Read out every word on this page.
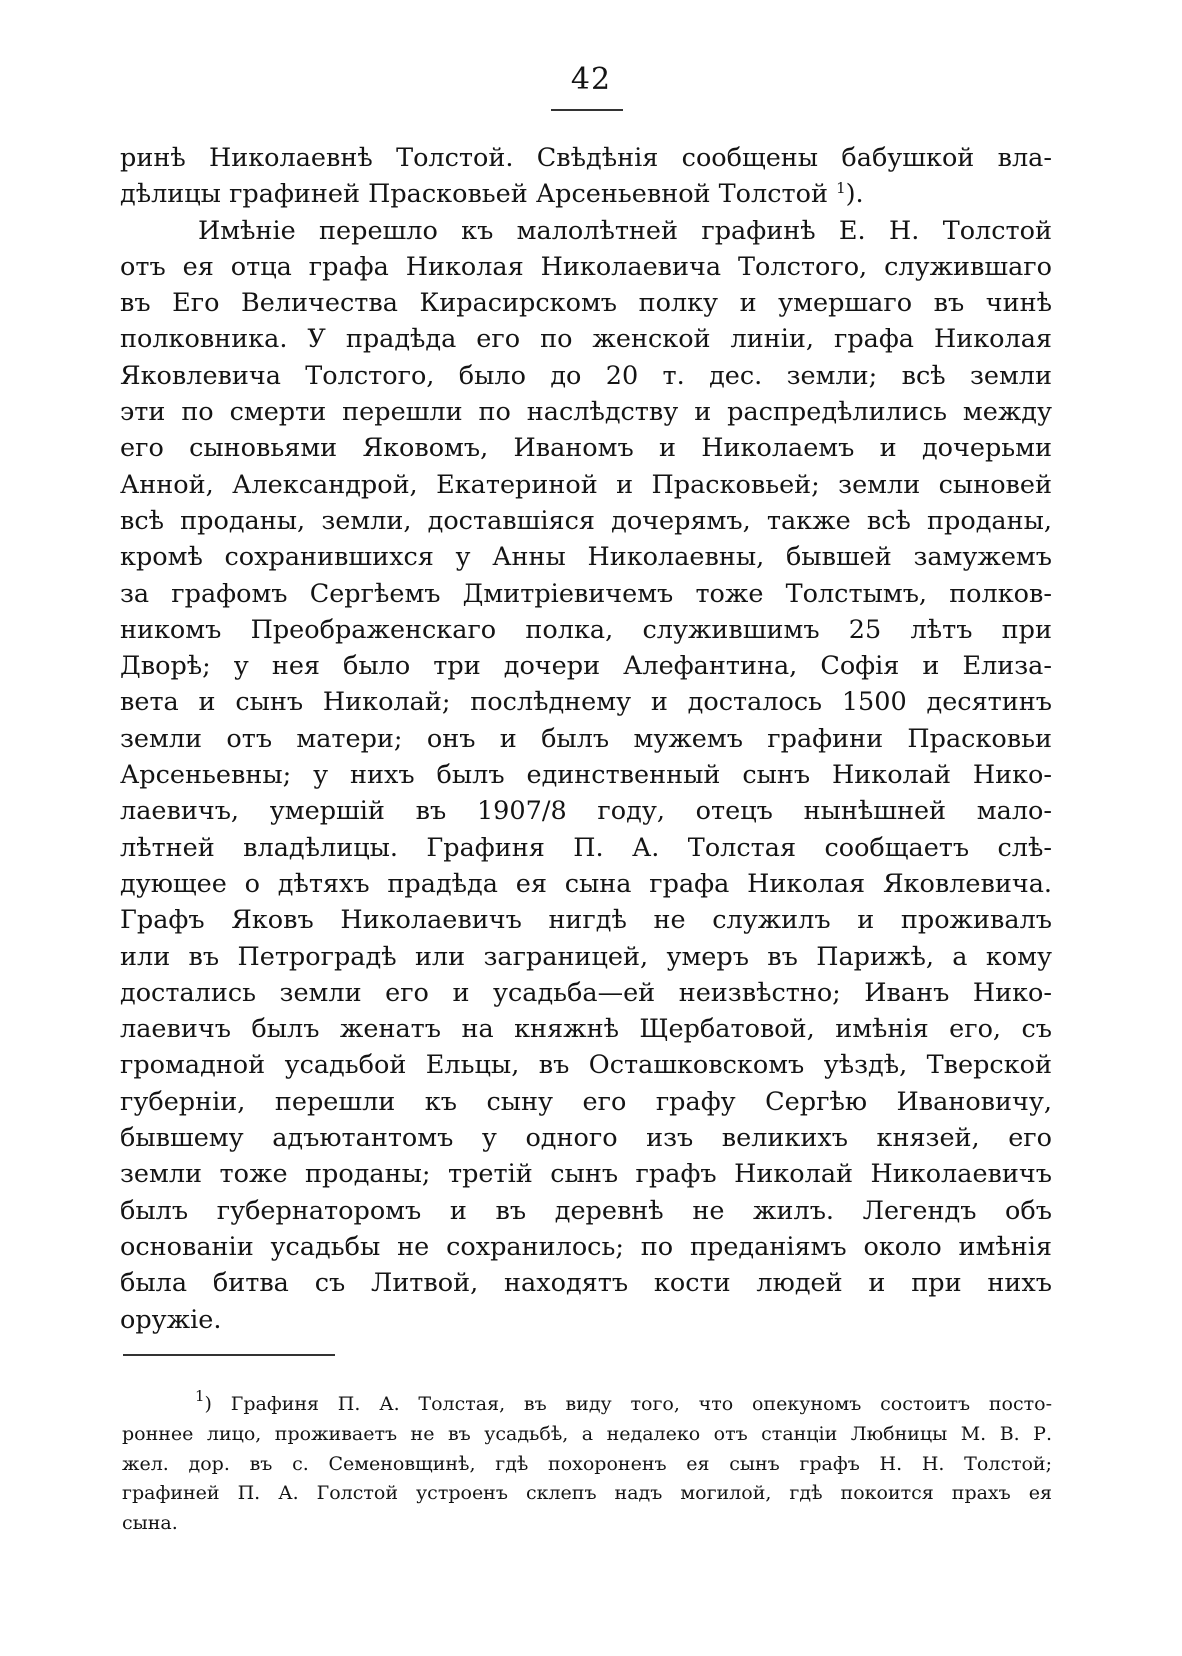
42
ринѣ Николаевнѣ Толстой. Свѣдѣнія сообщены бабушкой вла-
дѣлицы графиней Прасковьей Арсеньевной Толстой $^1$).
Имѣніе перешло къ малолѣтней графинѣ Е. Н. Толстой
отъ ея отца графа Николая Николаевича Толстого, служившаго
въ Его Величества Кирасирскомъ полку и умершаго въ чинѣ
полковника. У прадѣда его по женской линіи, графа Николая
Яковлевича Толстого, было до 20 т. дес. земли; всѣ земли
эти по смерти перешли по наслѣдству и распредѣлились между
его сыновьями Яковомъ, Иваномъ и Николаемъ и дочерьми
Анной, Александрой, Екатериной и Прасковьей; земли сыновей
всѣ проданы, земли, доставшіяся дочерямъ, также всѣ проданы,
кромѣ сохранившихся у Анны Николаевны, бывшей замужемъ
за графомъ Сергѣемъ Дмитріевичемъ тоже Толстымъ, полков-
никомъ Преображенскаго полка, служившимъ 25 лѣтъ при
Дворѣ; у нея было три дочери Алефантина, Софія и Елиза-
вета и сынъ Николай; послѣднему и досталось 1500 десятинъ
земли отъ матери; онъ и былъ мужемъ графини Прасковьи
Арсеньевны; у нихъ былъ единственный сынъ Николай Нико-
лаевичъ, умершій въ 1907/8 году, отецъ нынѣшней мало-
лѣтней владѣлицы. Графиня П. А. Толстая сообщаетъ слѣ-
дующее о дѣтяхъ прадѣда ея сына графа Николая Яковлевича.
Графъ Яковъ Николаевичъ нигдѣ не служилъ и проживалъ
или въ Петроградѣ или заграницей, умеръ въ Парижѣ, а кому
достались земли его и усадьба—ей неизвѣстно; Иванъ Нико-
лаевичъ былъ женатъ на княжнѣ Щербатовой, имѣнія его, съ
громадной усадьбой Ельцы, въ Осташковскомъ уѣздѣ, Тверской
губерніи, перешли къ сыну его графу Сергѣю Ивановичу,
бывшему адъютантомъ у одного изъ великихъ князей, его
земли тоже проданы; третій сынъ графъ Николай Николаевичъ
былъ губернаторомъ и въ деревнѣ не жилъ. Легендъ объ
основаніи усадьбы не сохранилось; по преданіямъ около имѣнія
была битва съ Литвой, находятъ кости людей и при нихъ
оружіе.
$^1$) Графиня П. А. Толстая, въ виду того, что опекуномъ состоитъ посто-
роннее лицо, проживаетъ не въ усадьбѣ, а недалеко отъ станціи Любницы М. В. Р.
жел. дор. въ с. Семеновщинѣ, гдѣ похороненъ ея сынъ графъ Н. Н. Толстой;
графиней П. А. Голстой устроенъ склепъ надъ могилой, гдѣ покоится прахъ ея
сына.
